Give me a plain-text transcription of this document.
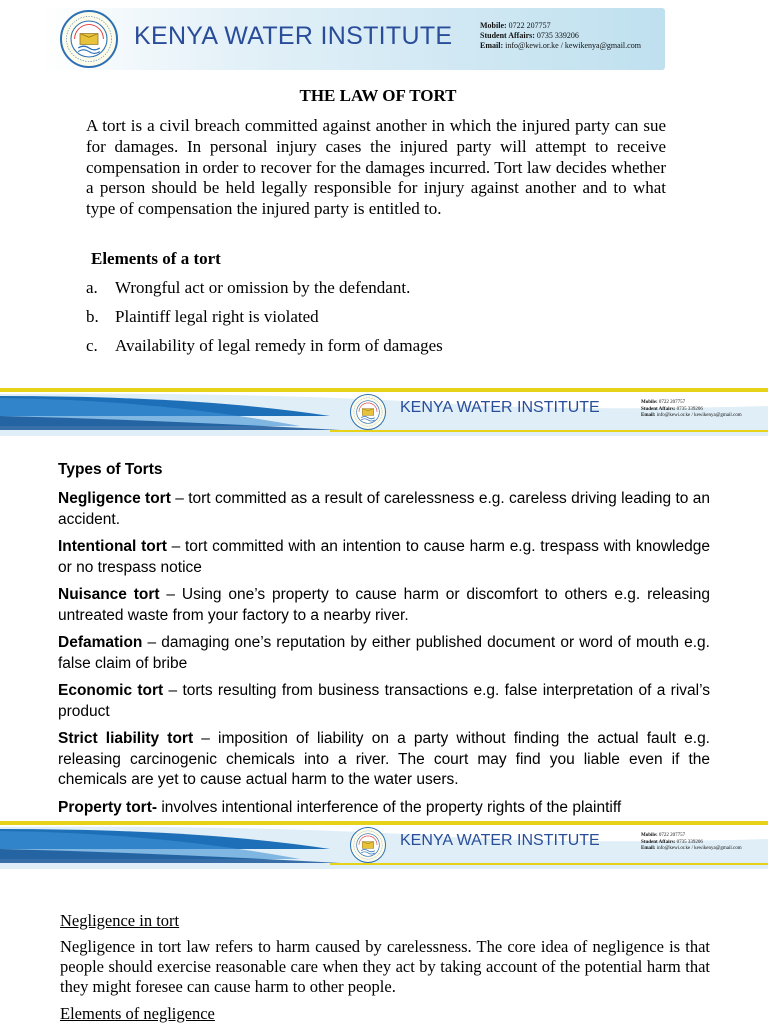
KENYA WATER INSTITUTE	Mobile: 0722 207757
Student Affairs: 0735 339206
Email: info@kewi.or.ke / kewikenya@gmail.com
THE LAW OF TORT
A tort is a civil breach committed against another in which the injured party can sue for damages. In personal injury cases the injured party will attempt to receive compensation in order to recover for the damages incurred. Tort law decides whether a person should be held legally responsible for injury against another and to what type of compensation the injured party is entitled to.
Elements of a tort
a.	Wrongful act or omission by the defendant.
b. Plaintiff legal right is violated
c.	Availability of legal remedy in form of damages
KENYA WATER INSTITUTE	Mobile: 0722 207757
Student Affairs: 0735 339206
Email: info@kewi.or.ke / kewikenya@gmail.com
Types of Torts
Negligence tort – tort committed as a result of carelessness e.g. careless driving leading to an accident.
Intentional tort – tort committed with an intention to cause harm e.g. trespass with knowledge or no trespass notice
Nuisance tort – Using one’s property to cause harm or discomfort to others e.g. releasing untreated waste from your factory to a nearby river.
Defamation – damaging one’s reputation by either published document or word of mouth e.g. false claim of bribe
Economic tort – torts resulting from business transactions e.g. false interpretation of a rival’s product
Strict liability tort – imposition of liability on a party without finding the actual fault e.g. releasing carcinogenic chemicals into a river. The court may find you liable even if the chemicals are yet to cause actual harm to the water users.
Property tort- involves intentional interference of the property rights of the plaintiff
KENYA WATER INSTITUTE	Mobile: 0722 207757
Student Affairs: 0735 339206
Email: info@kewi.or.ke / kewikenya@gmail.com
Negligence in tort
Negligence in tort law refers to harm caused by carelessness. The core idea of negligence is that people should exercise reasonable care when they act by taking account of the potential harm that they might foresee can cause harm to other people.
Elements of negligence
